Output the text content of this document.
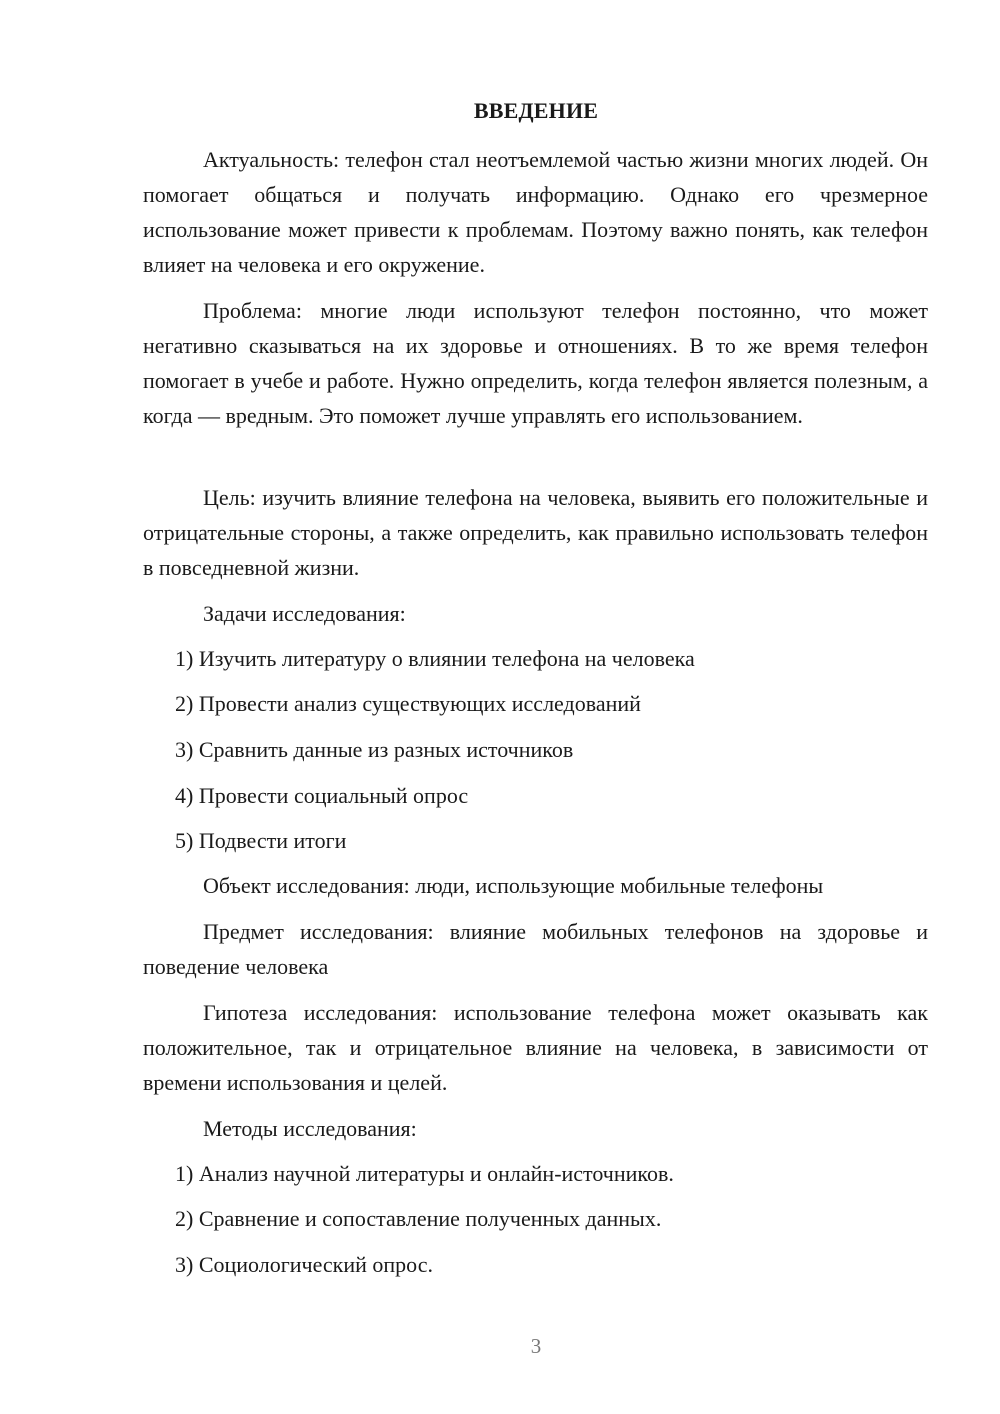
ВВЕДЕНИЕ

Актуальность: телефон стал неотъемлемой частью жизни многих людей. Он помогает общаться и получать информацию. Однако его чрезмерное использование может привести к проблемам. Поэтому важно понять, как телефон влияет на человека и его окружение.

Проблема: многие люди используют телефон постоянно, что может негативно сказываться на их здоровье и отношениях. В то же время телефон помогает в учебе и работе. Нужно определить, когда телефон является полезным, а когда — вредным. Это поможет лучше управлять его использованием.

Цель: изучить влияние телефона на человека, выявить его положительные и отрицательные стороны, а также определить, как правильно использовать телефон в повседневной жизни.

Задачи исследования:

1) Изучить литературу о влиянии телефона на человека

2) Провести анализ существующих исследований

3) Сравнить данные из разных источников

4) Провести социальный опрос

5) Подвести итоги

Объект исследования: люди, использующие мобильные телефоны

Предмет исследования: влияние мобильных телефонов на здоровье и поведение человека

Гипотеза исследования: использование телефона может оказывать как положительное, так и отрицательное влияние на человека, в зависимости от времени использования и целей.

Методы исследования:

1) Анализ научной литературы и онлайн-источников.

2) Сравнение и сопоставление полученных данных.

3) Социологический опрос.

3
